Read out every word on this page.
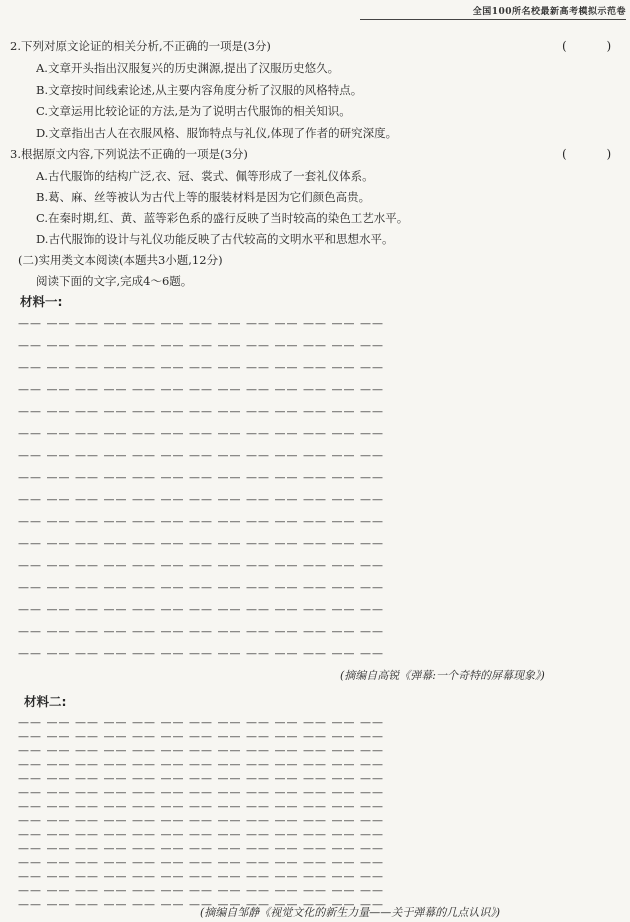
全国100所名校最新高考模拟示范卷
2.下列对原文论证的相关分析,不正确的一项是(3分)	( )
A.文章开头指出汉服复兴的历史渊源,提出了汉服历史悠久。
B.文章按时间线索论述,从主要内容角度分析了汉服的风格特点。
C.文章运用比较论证的方法,是为了说明古代服饰的相关知识。
D.文章指出古人在衣服风格、服饰特点与礼仪,体现了作者的研究深度。
3.根据原文内容,下列说法不正确的一项是(3分)	( )
A.古代服饰的结构广泛,衣、冠、裳式、佩等形成了一套礼仪体系。
B.葛、麻、丝等被认为古代上等的服装材料是因为它们颜色高贵。
C.在秦时期,红、黄、蓝等彩色系的盛行反映了当时较高的染色工艺水平。
D.古代服饰的设计与礼仪功能反映了古代较高的文明水平和思想水平。
(二)实用类文本阅读(本题共3小题,12分)
阅读下面的文字,完成4～6题。
材料一:
—— —— —— —— —— —— —— —— —— —— —— —— ——
—— —— —— —— —— —— —— —— —— —— —— —— ——
—— —— —— —— —— —— —— —— —— —— —— —— ——
—— —— —— —— —— —— —— —— —— —— —— —— ——
—— —— —— —— —— —— —— —— —— —— —— —— ——
—— —— —— —— —— —— —— —— —— —— —— —— ——
—— —— —— —— —— —— —— —— —— —— —— —— ——
—— —— —— —— —— —— —— —— —— —— —— —— ——
—— —— —— —— —— —— —— —— —— —— —— —— ——
—— —— —— —— —— —— —— —— —— —— —— —— ——
—— —— —— —— —— —— —— —— —— —— —— —— ——
—— —— —— —— —— —— —— —— —— —— —— —— ——
—— —— —— —— —— —— —— —— —— —— —— —— ——
—— —— —— —— —— —— —— —— —— —— —— —— ——
—— —— —— —— —— —— —— —— —— —— —— —— ——
—— —— —— —— —— —— —— —— —— —— —— —— ——
(摘编自高锐《弹幕:一个奇特的屏幕现象》)
材料二:
—— —— —— —— —— —— —— —— —— —— —— —— ——
—— —— —— —— —— —— —— —— —— —— —— —— ——
—— —— —— —— —— —— —— —— —— —— —— —— ——
—— —— —— —— —— —— —— —— —— —— —— —— ——
—— —— —— —— —— —— —— —— —— —— —— —— ——
—— —— —— —— —— —— —— —— —— —— —— —— ——
—— —— —— —— —— —— —— —— —— —— —— —— ——
—— —— —— —— —— —— —— —— —— —— —— —— ——
—— —— —— —— —— —— —— —— —— —— —— —— ——
—— —— —— —— —— —— —— —— —— —— —— —— ——
—— —— —— —— —— —— —— —— —— —— —— —— ——
—— —— —— —— —— —— —— —— —— —— —— —— ——
—— —— —— —— —— —— —— —— —— —— —— —— ——
—— —— —— —— —— —— —— —— —— —— —— —— ——
(摘编自邹静《视觉文化的新生力量——关于弹幕的几点认识》)
